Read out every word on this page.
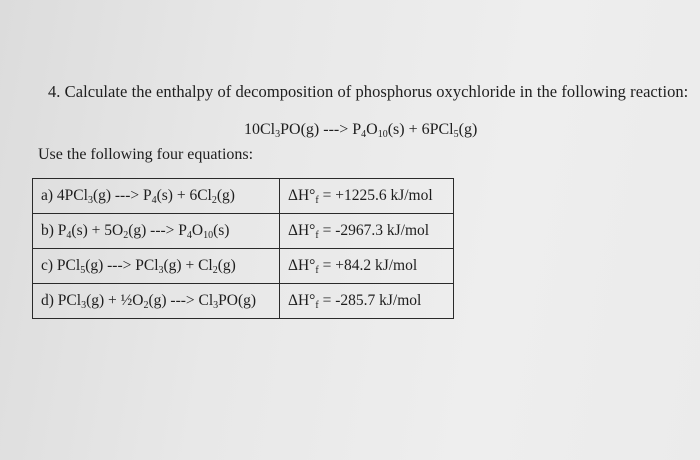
4. Calculate the enthalpy of decomposition of phosphorus oxychloride in the following reaction:
$10Cl_3PO(g)$ ---> $P_4O_{10}(s) + 6PCl_5(g)$
Use the following four equations:
a) 4PCl$_3$(g) ---> $P_4(s) + 6Cl_2(g)$	$\Delta H^\circ_f = +1225.6$ kJ/mol
b) $P_4(s) + 5O_2(g)$ ---> $P_4O_{10}(s)$	$\Delta H^\circ_f = -2967.3$ kJ/mol
c) PCl$_5$(g) ---> $PCl_3(g) + Cl_2(g)$	$\Delta H^\circ_f = +84.2$ kJ/mol
d) $PCl_3(g) + \frac{1}{2}O_2(g)$ ---> $Cl_3PO(g)$	$\Delta H^\circ_f = -285.7$ kJ/mol
